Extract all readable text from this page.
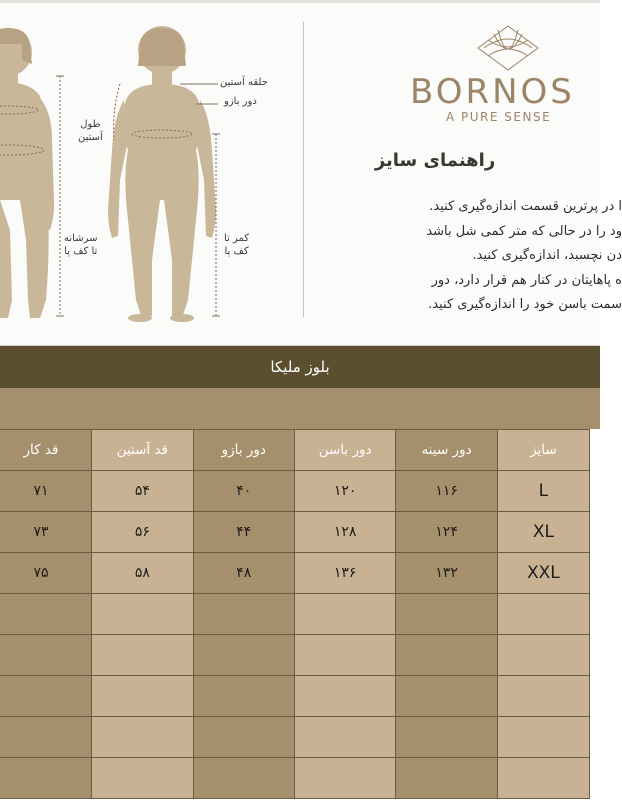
حلقه آستین
دور بازو
طول
آستین
سرشانه
تا کف پا
کمر تا
کف پا
BORNOS
A PURE SENSE
راهنمای سایز
ا در پرترین قسمت اندازه‌گیری کنید.
ود را در حالی که متر کمی شل باشد
دن نچسبد، اندازه‌گیری کنید.
ه پاهایتان در کنار هم قرار دارد، دور
سمت باسن خود را اندازه‌گیری کنید.
بلوز ملیکا
قد کار	قد آستین	دور بازو	دور باسن	دور سینه	سایز
۷۱	۵۴	۴۰	۱۲۰	۱۱۶	L
۷۳	۵۶	۴۴	۱۲۸	۱۲۴	XL
۷۵	۵۸	۴۸	۱۳۶	۱۳۲	XXL
